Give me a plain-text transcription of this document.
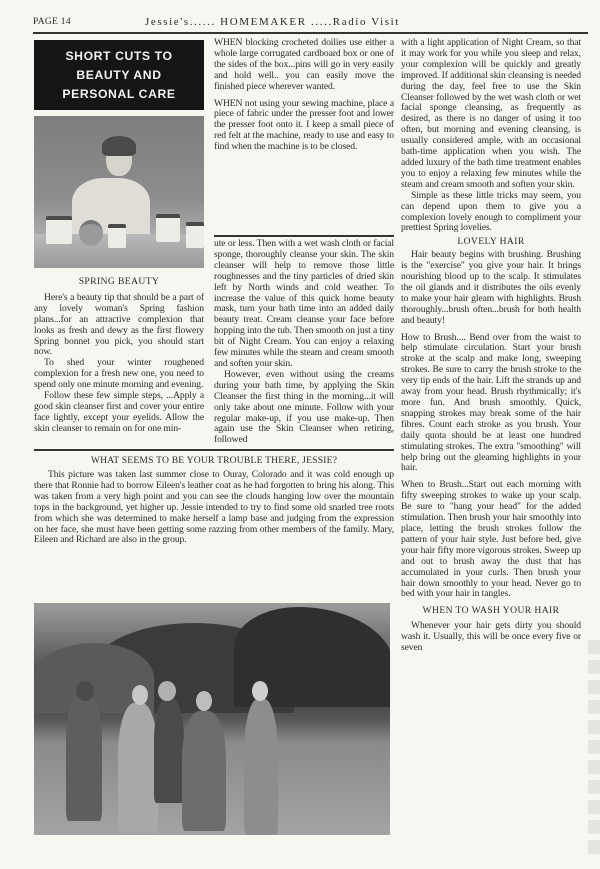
PAGE 14	Jessie's...... HOMEMAKER .....Radio Visit
SHORT CUTS TO
BEAUTY AND
PERSONAL CARE

SPRING BEAUTY

Here's a beauty tip that should be a part of any lovely woman's Spring fashion plans...for an attractive complexion that looks as fresh and dewy as the first flowery Spring bonnet you pick, you should start now.

To shed your winter roughened complexion for a fresh new one, you need to spend only one minute morning and evening.

Follow these few simple steps, ...Apply a good skin cleanser first and cover your entire face lightly, except your eyelids. Allow the skin cleanser to remain on for one min-

WHEN blocking crocheted doilies use either a whole large corrugated cardboard box or one of the sides of the box...pins will go in very easily and hold well.. you can easily move the finished piece wherever wanted.

WHEN not using your sewing machine, place a piece of fabric under the presser foot and lower the presser foot onto it. I keep a small piece of red felt at the machine, ready to use and easy to find when the machine is to be closed.

ute or less. Then with a wet wash cloth or facial sponge, thoroughly cleanse your skin. The skin cleanser will help to remove those little roughnesses and the tiny particles of dried skin left by North winds and cold weather. To increase the value of this quick home beauty mask, turn your bath time into an added daily beauty treat. Cream cleanse your face before hopping into the tub. Then smooth on just a tiny bit of Night Cream. You can enjoy a relaxing few minutes while the steam and cream smooth and soften your skin.

However, even without using the creams during your bath time, by applying the Skin Cleanser the first thing in the morning...it will only take about one minute. Follow with your regular make-up, if you use make-up. Then again use the Skin Cleanser when retiring, followed

with a light application of Night Cream, so that it may work for you while you sleep and relax, your complexion will be quickly and greatly improved. If additional skin cleansing is needed during the day, feel free to use the Skin Cleanser followed by the wet wash cloth or wet facial sponge cleansing, as frequently as desired, as there is no danger of using it too often, but morning and evening cleansing, is usually considered ample, with an occasional bath-time application when you wish. The added luxury of the bath time treatment enables you to enjoy a relaxing few minutes while the steam and cream smooth and soften your skin.

Simple as these little tricks may seem, you can depend upon them to give you a complexion lovely enough to compliment your prettiest Spring lovelies.

LOVELY HAIR

Hair beauty begins with brushing. Brushing is the "exercise" you give your hair. It brings nourishing blood up to the scalp. It stimulates the oil glands and it distributes the oils evenly to make your hair gleam with highlights. Brush thoroughly...brush often...brush for both health and beauty!

How to Brush.... Bend over from the waist to help stimulate circulation. Start your brush stroke at the scalp and make long, sweeping strokes. Be sure to carry the brush stroke to the very tip ends of the hair. Lift the strands up and away from your head. Brush rhythmically; it's more fun. And brush smoothly. Quick, snapping strokes may break some of the hair fibres. Count each stroke as you brush. Your daily quota should be at least one hundred stimulating strokes. The extra "smoothing" will help bring out the gleaming highlights in your hair.

When to Brush...Start out each morning with fifty sweeping strokes to wake up your scalp. Be sure to "hang your head" for the added stimulation. Then brush your hair smoothly into place, letting the brush strokes follow the pattern of your hair style. Just before bed, give your hair fifty more vigorous strokes. Sweep up and out to brush away the dust that has accumulated in your curls. Then brush your hair down smoothly to your head. Never go to bed with your hair in tangles.

WHEN TO WASH YOUR HAIR

Whenever your hair gets dirty you should wash it. Usually, this will be once every five or seven

WHAT SEEMS TO BE YOUR TROUBLE THERE, JESSIE?

This picture was taken last summer close to Ouray, Colorado and it was cold enough up there that Ronnie had to borrow Eileen's leather coat as he had forgotten to bring his along. This was taken from a very high point and you can see the clouds hanging low over the mountain tops in the background, yet higher up. Jessie intended to try to find some old snarled tree roots from which she was determined to make herself a lamp base and judging from the expression on her face, she must have been getting some razzing from other members of the family. Mary, Eileen and Richard are also in the group.
